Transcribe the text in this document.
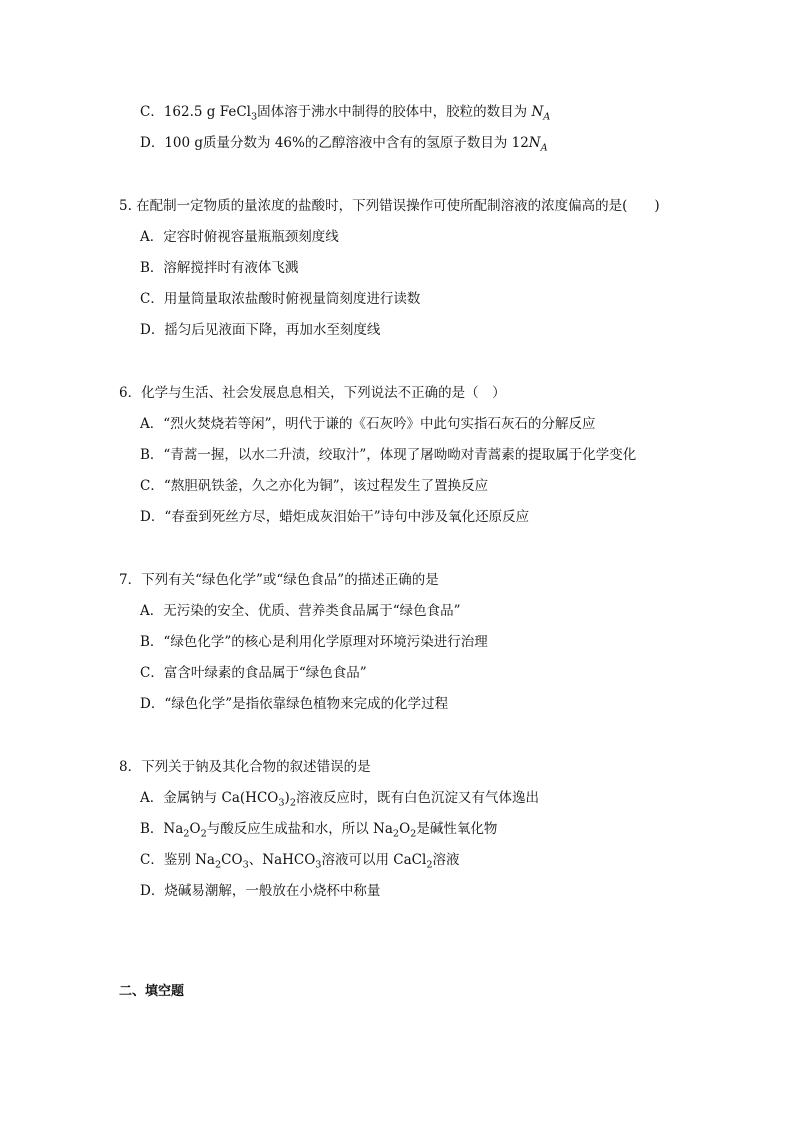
C．162.5 g FeCl$_3$固体溶于沸水中制得的胶体中，胶粒的数目为 $N_A$
D．100 g质量分数为 46%的乙醇溶液中含有的氢原子数目为 $12N_A$
5. 在配制一定物质的量浓度的盐酸时，下列错误操作可使所配制溶液的浓度偏高的是(　　)
A．定容时俯视容量瓶瓶颈刻度线
B．溶解搅拌时有液体飞溅
C．用量筒量取浓盐酸时俯视量筒刻度进行读数
D．摇匀后见液面下降，再加水至刻度线
6．化学与生活、社会发展息息相关，下列说法不正确的是（　）
A．“烈火焚烧若等闲”，明代于谦的《石灰吟》中此句实指石灰石的分解反应
B．“青蒿一握，以水二升渍，绞取汁”，体现了屠呦呦对青蒿素的提取属于化学变化
C．“熬胆矾铁釜，久之亦化为铜”，该过程发生了置换反应
D．“春蚕到死丝方尽，蜡炬成灰泪始干”诗句中涉及氧化还原反应
7．下列有关“绿色化学”或“绿色食品”的描述正确的是
A．无污染的安全、优质、营养类食品属于“绿色食品”
B．“绿色化学”的核心是利用化学原理对环境污染进行治理
C．富含叶绿素的食品属于“绿色食品”
D．“绿色化学”是指依靠绿色植物来完成的化学过程
8．下列关于钠及其化合物的叙述错误的是
A．金属钠与 $Ca(HCO_3)_2$溶液反应时，既有白色沉淀又有气体逸出
B．$Na_2O_2$与酸反应生成盐和水，所以 $Na_2O_2$是碱性氧化物
C．鉴别 $Na_2CO_3$、NaHCO$_3$溶液可以用 CaCl$_2$溶液
D．烧碱易潮解，一般放在小烧杯中称量
二、填空题
